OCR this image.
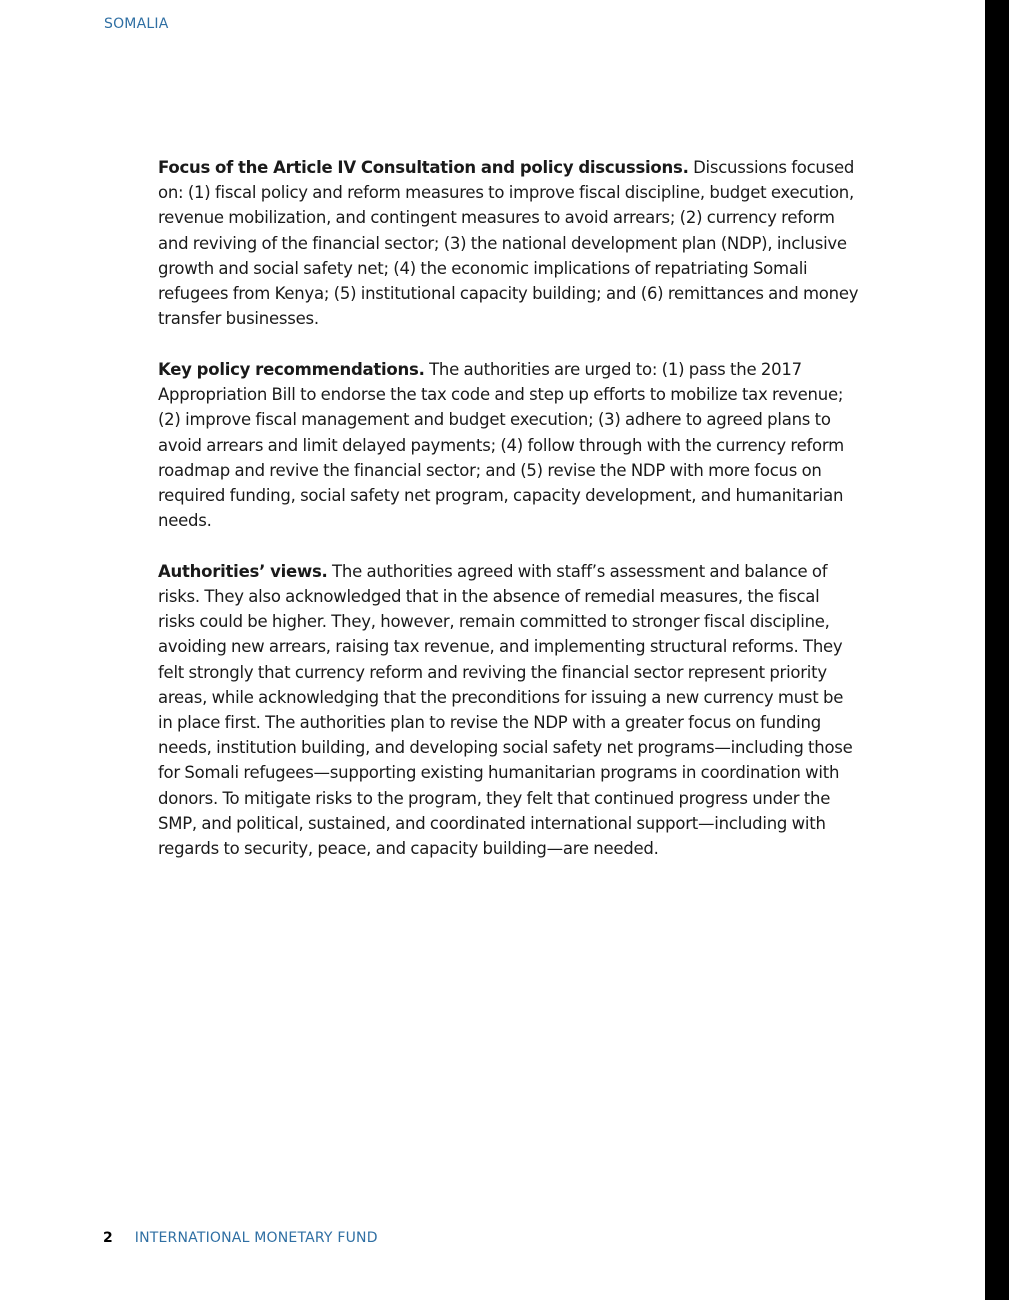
SOMALIA

Focus of the Article IV Consultation and policy discussions. Discussions focused on: (1) fiscal policy and reform measures to improve fiscal discipline, budget execution, revenue mobilization, and contingent measures to avoid arrears; (2) currency reform and reviving of the financial sector; (3) the national development plan (NDP), inclusive growth and social safety net; (4) the economic implications of repatriating Somali refugees from Kenya; (5) institutional capacity building; and (6) remittances and money transfer businesses.

Key policy recommendations. The authorities are urged to: (1) pass the 2017 Appropriation Bill to endorse the tax code and step up efforts to mobilize tax revenue; (2) improve fiscal management and budget execution; (3) adhere to agreed plans to avoid arrears and limit delayed payments; (4) follow through with the currency reform roadmap and revive the financial sector; and (5) revise the NDP with more focus on required funding, social safety net program, capacity development, and humanitarian needs.

Authorities’ views. The authorities agreed with staff’s assessment and balance of risks. They also acknowledged that in the absence of remedial measures, the fiscal risks could be higher. They, however, remain committed to stronger fiscal discipline, avoiding new arrears, raising tax revenue, and implementing structural reforms. They felt strongly that currency reform and reviving the financial sector represent priority areas, while acknowledging that the preconditions for issuing a new currency must be in place first. The authorities plan to revise the NDP with a greater focus on funding needs, institution building, and developing social safety net programs—including those for Somali refugees—supporting existing humanitarian programs in coordination with donors. To mitigate risks to the program, they felt that continued progress under the SMP, and political, sustained, and coordinated international support—including with regards to security, peace, and capacity building—are needed.

2 INTERNATIONAL MONETARY FUND
